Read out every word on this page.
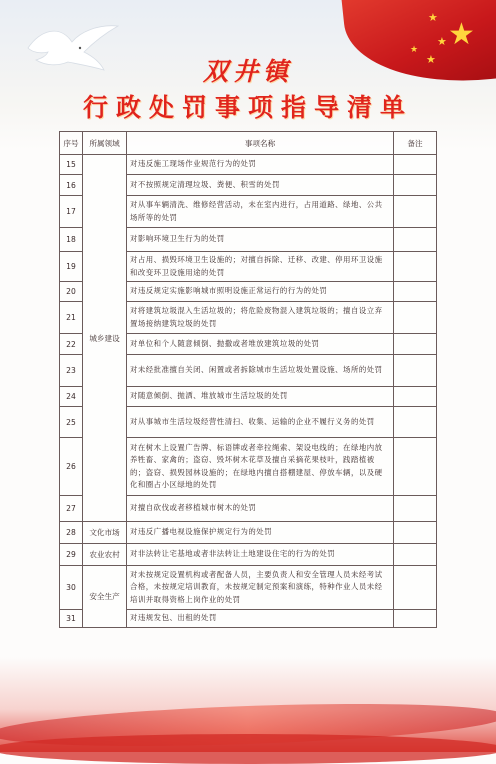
★
★
★
★
★
双井镇
行政处罚事项指导清单
序号	所属领域	事项名称	备注
15	城乡建设	对违反施工现场作业规范行为的处罚	
16		对不按照规定清理垃圾、粪便、积雪的处罚	
17		对从事车辆清洗、维修经营活动，未在室内进行，占用道路、绿地、公共场所等的处罚	
18		对影响环境卫生行为的处罚	
19		对占用、损毁环境卫生设施的；对擅自拆除、迁移、改建、停用环卫设施和改变环卫设施用途的处罚	
20		对违反规定实施影响城市照明设施正常运行的行为的处罚	
21		对将建筑垃圾混入生活垃圾的；将危险废物混入建筑垃圾的；擅自设立弃置场接纳建筑垃圾的处罚	
22		对单位和个人随意倾倒、抛撒或者堆放建筑垃圾的处罚	
23		对未经批准擅自关闭、闲置或者拆除城市生活垃圾处置设施、场所的处罚	
24		对随意倾倒、抛洒、堆放城市生活垃圾的处罚	
25		对从事城市生活垃圾经营性清扫、收集、运输的企业不履行义务的处罚	
26		对在树木上设置广告牌、标语牌或者牵拉绳索、架设电线的；在绿地内放养牲畜、家禽的；盗窃、毁坏树木花草及擅自采摘花果枝叶，践踏植被的；盗窃、损毁园林设施的；在绿地内擅自搭棚建屋、停放车辆，以及硬化和圈占小区绿地的处罚	
27		对擅自砍伐或者移植城市树木的处罚	
28	文化市场	对违反广播电视设施保护规定行为的处罚	
29	农业农村	对非法转让宅基地或者非法转让土地建设住宅的行为的处罚	
30	安全生产	对未按规定设置机构或者配备人员，主要负责人和安全管理人员未经考试合格，未按规定培训教育，未按规定制定预案和演练，特种作业人员未经培训并取得资格上岗作业的处罚	
31		对违规发包、出租的处罚	
